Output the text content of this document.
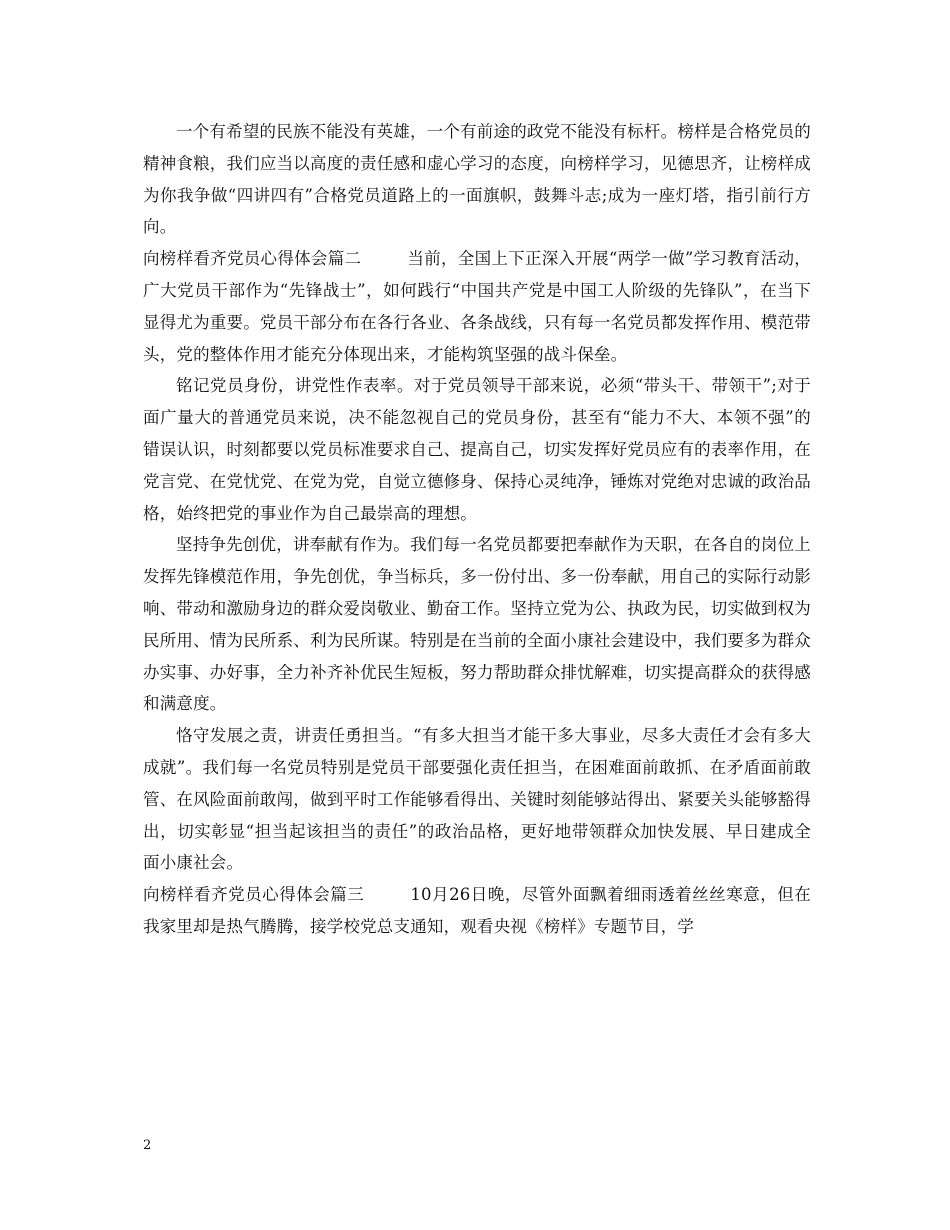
一个有希望的民族不能没有英雄，一个有前途的政党不能没有标杆。榜样是合格党员的精神食粮，我们应当以高度的责任感和虚心学习的态度，向榜样学习，见德思齐，让榜样成为你我争做“四讲四有”合格党员道路上的一面旗帜，鼓舞斗志;成为一座灯塔，指引前行方向。

向榜样看齐党员心得体会篇二	当前，全国上下正深入开展“两学一做”学习教育活动，广大党员干部作为“先锋战士”，如何践行“中国共产党是中国工人阶级的先锋队”，在当下显得尤为重要。党员干部分布在各行各业、各条战线，只有每一名党员都发挥作用、模范带头，党的整体作用才能充分体现出来，才能构筑坚强的战斗保垒。

铭记党员身份，讲党性作表率。对于党员领导干部来说，必须“带头干、带领干”;对于面广量大的普通党员来说，决不能忽视自己的党员身份，甚至有“能力不大、本领不强”的错误认识，时刻都要以党员标准要求自己、提高自己，切实发挥好党员应有的表率作用，在党言党、在党忧党、在党为党，自觉立德修身、保持心灵纯净，锤炼对党绝对忠诚的政治品格，始终把党的事业作为自己最崇高的理想。

坚持争先创优，讲奉献有作为。我们每一名党员都要把奉献作为天职，在各自的岗位上发挥先锋模范作用，争先创优，争当标兵，多一份付出、多一份奉献，用自己的实际行动影响、带动和激励身边的群众爱岗敬业、勤奋工作。坚持立党为公、执政为民，切实做到权为民所用、情为民所系、利为民所谋。特别是在当前的全面小康社会建设中，我们要多为群众办实事、办好事，全力补齐补优民生短板，努力帮助群众排忧解难，切实提高群众的获得感和满意度。

恪守发展之责，讲责任勇担当。“有多大担当才能干多大事业，尽多大责任才会有多大成就”。我们每一名党员特别是党员干部要强化责任担当，在困难面前敢抓、在矛盾面前敢管、在风险面前敢闯，做到平时工作能够看得出、关键时刻能够站得出、紧要关头能够豁得出，切实彰显“担当起该担当的责任”的政治品格，更好地带领群众加快发展、早日建成全面小康社会。

向榜样看齐党员心得体会篇三	10月26日晚，尽管外面飘着细雨透着丝丝寒意，但在我家里却是热气腾腾，接学校党总支通知，观看央视《榜样》专题节目，学

2
